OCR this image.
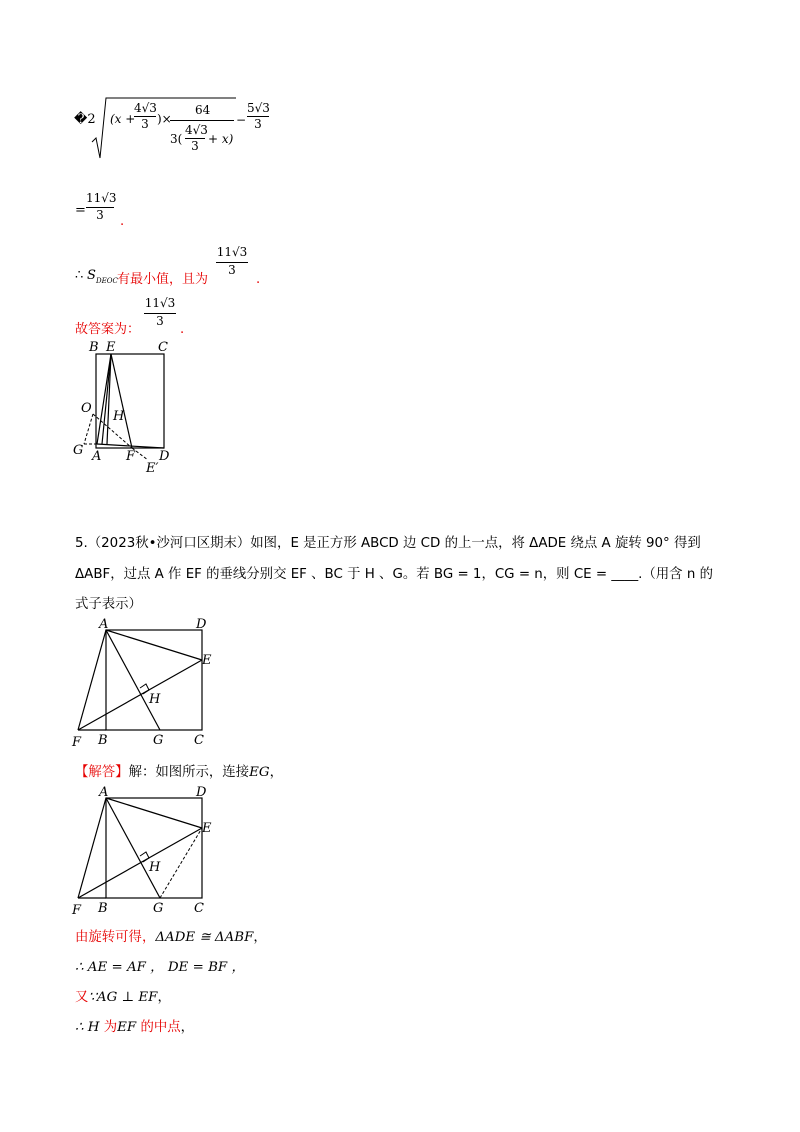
�2 (x +
4√3
3 )×
64
3(
4√3
3 + x)
−
5√3
3
=
11√3
3	.
∴ S DEOC 有最小值，且为
11√3
3
.
故答案为：
11√3
3
.
B E	C
O
H
G A F
E′
D
5.（2023秋•沙河口区期末）如图，E 是正方形 ABCD 边 CD 的上一点，将 ΔADE 绕点 A 旋转 90° 得到
ΔABF，过点 A 作 EF 的垂线分别交 EF 、BC 于 H 、G。若 BG = 1，CG = n，则 CE = ____.（用含 n 的
式子表示）
A	D
E
H
F B	G C
【解答】解：如图所示，连接EG，
A	D
E
H
F B	G C
由旋转可得，ΔADE ≅ ΔABF，
∴ AE = AF ， DE = BF ，
又∵AG ⊥ EF，
∴ H 为EF 的中点，
